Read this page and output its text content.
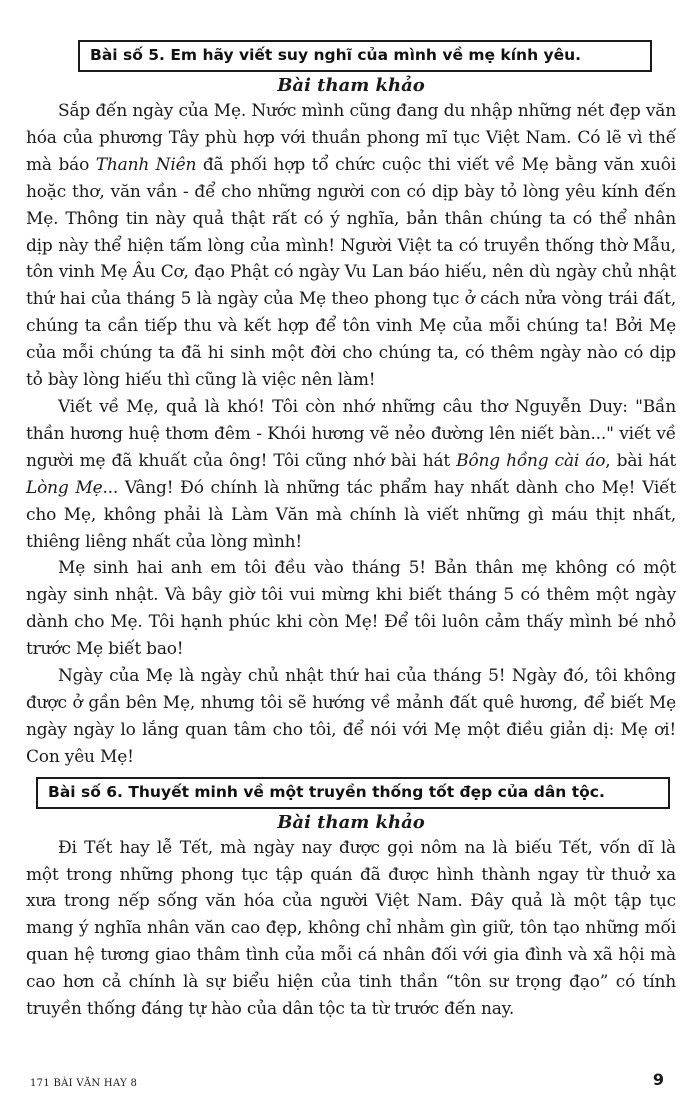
Bài số 5. Em hãy viết suy nghĩ của mình về mẹ kính yêu.
Bài tham khảo

Sắp đến ngày của Mẹ. Nước mình cũng đang du nhập những nét đẹp văn hóa của phương Tây phù hợp với thuần phong mĩ tục Việt Nam. Có lẽ vì thế mà báo Thanh Niên đã phối hợp tổ chức cuộc thi viết về Mẹ bằng văn xuôi hoặc thơ, văn vần - để cho những người con có dịp bày tỏ lòng yêu kính đến Mẹ. Thông tin này quả thật rất có ý nghĩa, bản thân chúng ta có thể nhân dịp này thể hiện tấm lòng của mình! Người Việt ta có truyền thống thờ Mẫu, tôn vinh Mẹ Âu Cơ, đạo Phật có ngày Vu Lan báo hiếu, nên dù ngày chủ nhật thứ hai của tháng 5 là ngày của Mẹ theo phong tục ở cách nửa vòng trái đất, chúng ta cần tiếp thu và kết hợp để tôn vinh Mẹ của mỗi chúng ta! Bởi Mẹ của mỗi chúng ta đã hi sinh một đời cho chúng ta, có thêm ngày nào có dịp tỏ bày lòng hiếu thì cũng là việc nên làm!

Viết về Mẹ, quả là khó! Tôi còn nhớ những câu thơ Nguyễn Duy: "Bần thần hương huệ thơm đêm - Khói hương vẽ nẻo đường lên niết bàn..." viết về người mẹ đã khuất của ông! Tôi cũng nhớ bài hát Bông hồng cài áo, bài hát Lòng Mẹ... Vâng! Đó chính là những tác phẩm hay nhất dành cho Mẹ! Viết cho Mẹ, không phải là Làm Văn mà chính là viết những gì máu thịt nhất, thiêng liêng nhất của lòng mình!

Mẹ sinh hai anh em tôi đều vào tháng 5! Bản thân mẹ không có một ngày sinh nhật. Và bây giờ tôi vui mừng khi biết tháng 5 có thêm một ngày dành cho Mẹ. Tôi hạnh phúc khi còn Mẹ! Để tôi luôn cảm thấy mình bé nhỏ trước Mẹ biết bao!

Ngày của Mẹ là ngày chủ nhật thứ hai của tháng 5! Ngày đó, tôi không được ở gần bên Mẹ, nhưng tôi sẽ hướng về mảnh đất quê hương, để biết Mẹ ngày ngày lo lắng quan tâm cho tôi, để nói với Mẹ một điều giản dị: Mẹ ơi! Con yêu Mẹ!

Bài số 6. Thuyết minh về một truyền thống tốt đẹp của dân tộc.
Bài tham khảo

Đi Tết hay lễ Tết, mà ngày nay được gọi nôm na là biếu Tết, vốn dĩ là một trong những phong tục tập quán đã được hình thành ngay từ thuở xa xưa trong nếp sống văn hóa của người Việt Nam. Đây quả là một tập tục mang ý nghĩa nhân văn cao đẹp, không chỉ nhằm gìn giữ, tôn tạo những mối quan hệ tương giao thâm tình của mỗi cá nhân đối với gia đình và xã hội mà cao hơn cả chính là sự biểu hiện của tinh thần “tôn sư trọng đạo” có tính truyền thống đáng tự hào của dân tộc ta từ trước đến nay.

171 BÀI VĂN HAY 8	9
